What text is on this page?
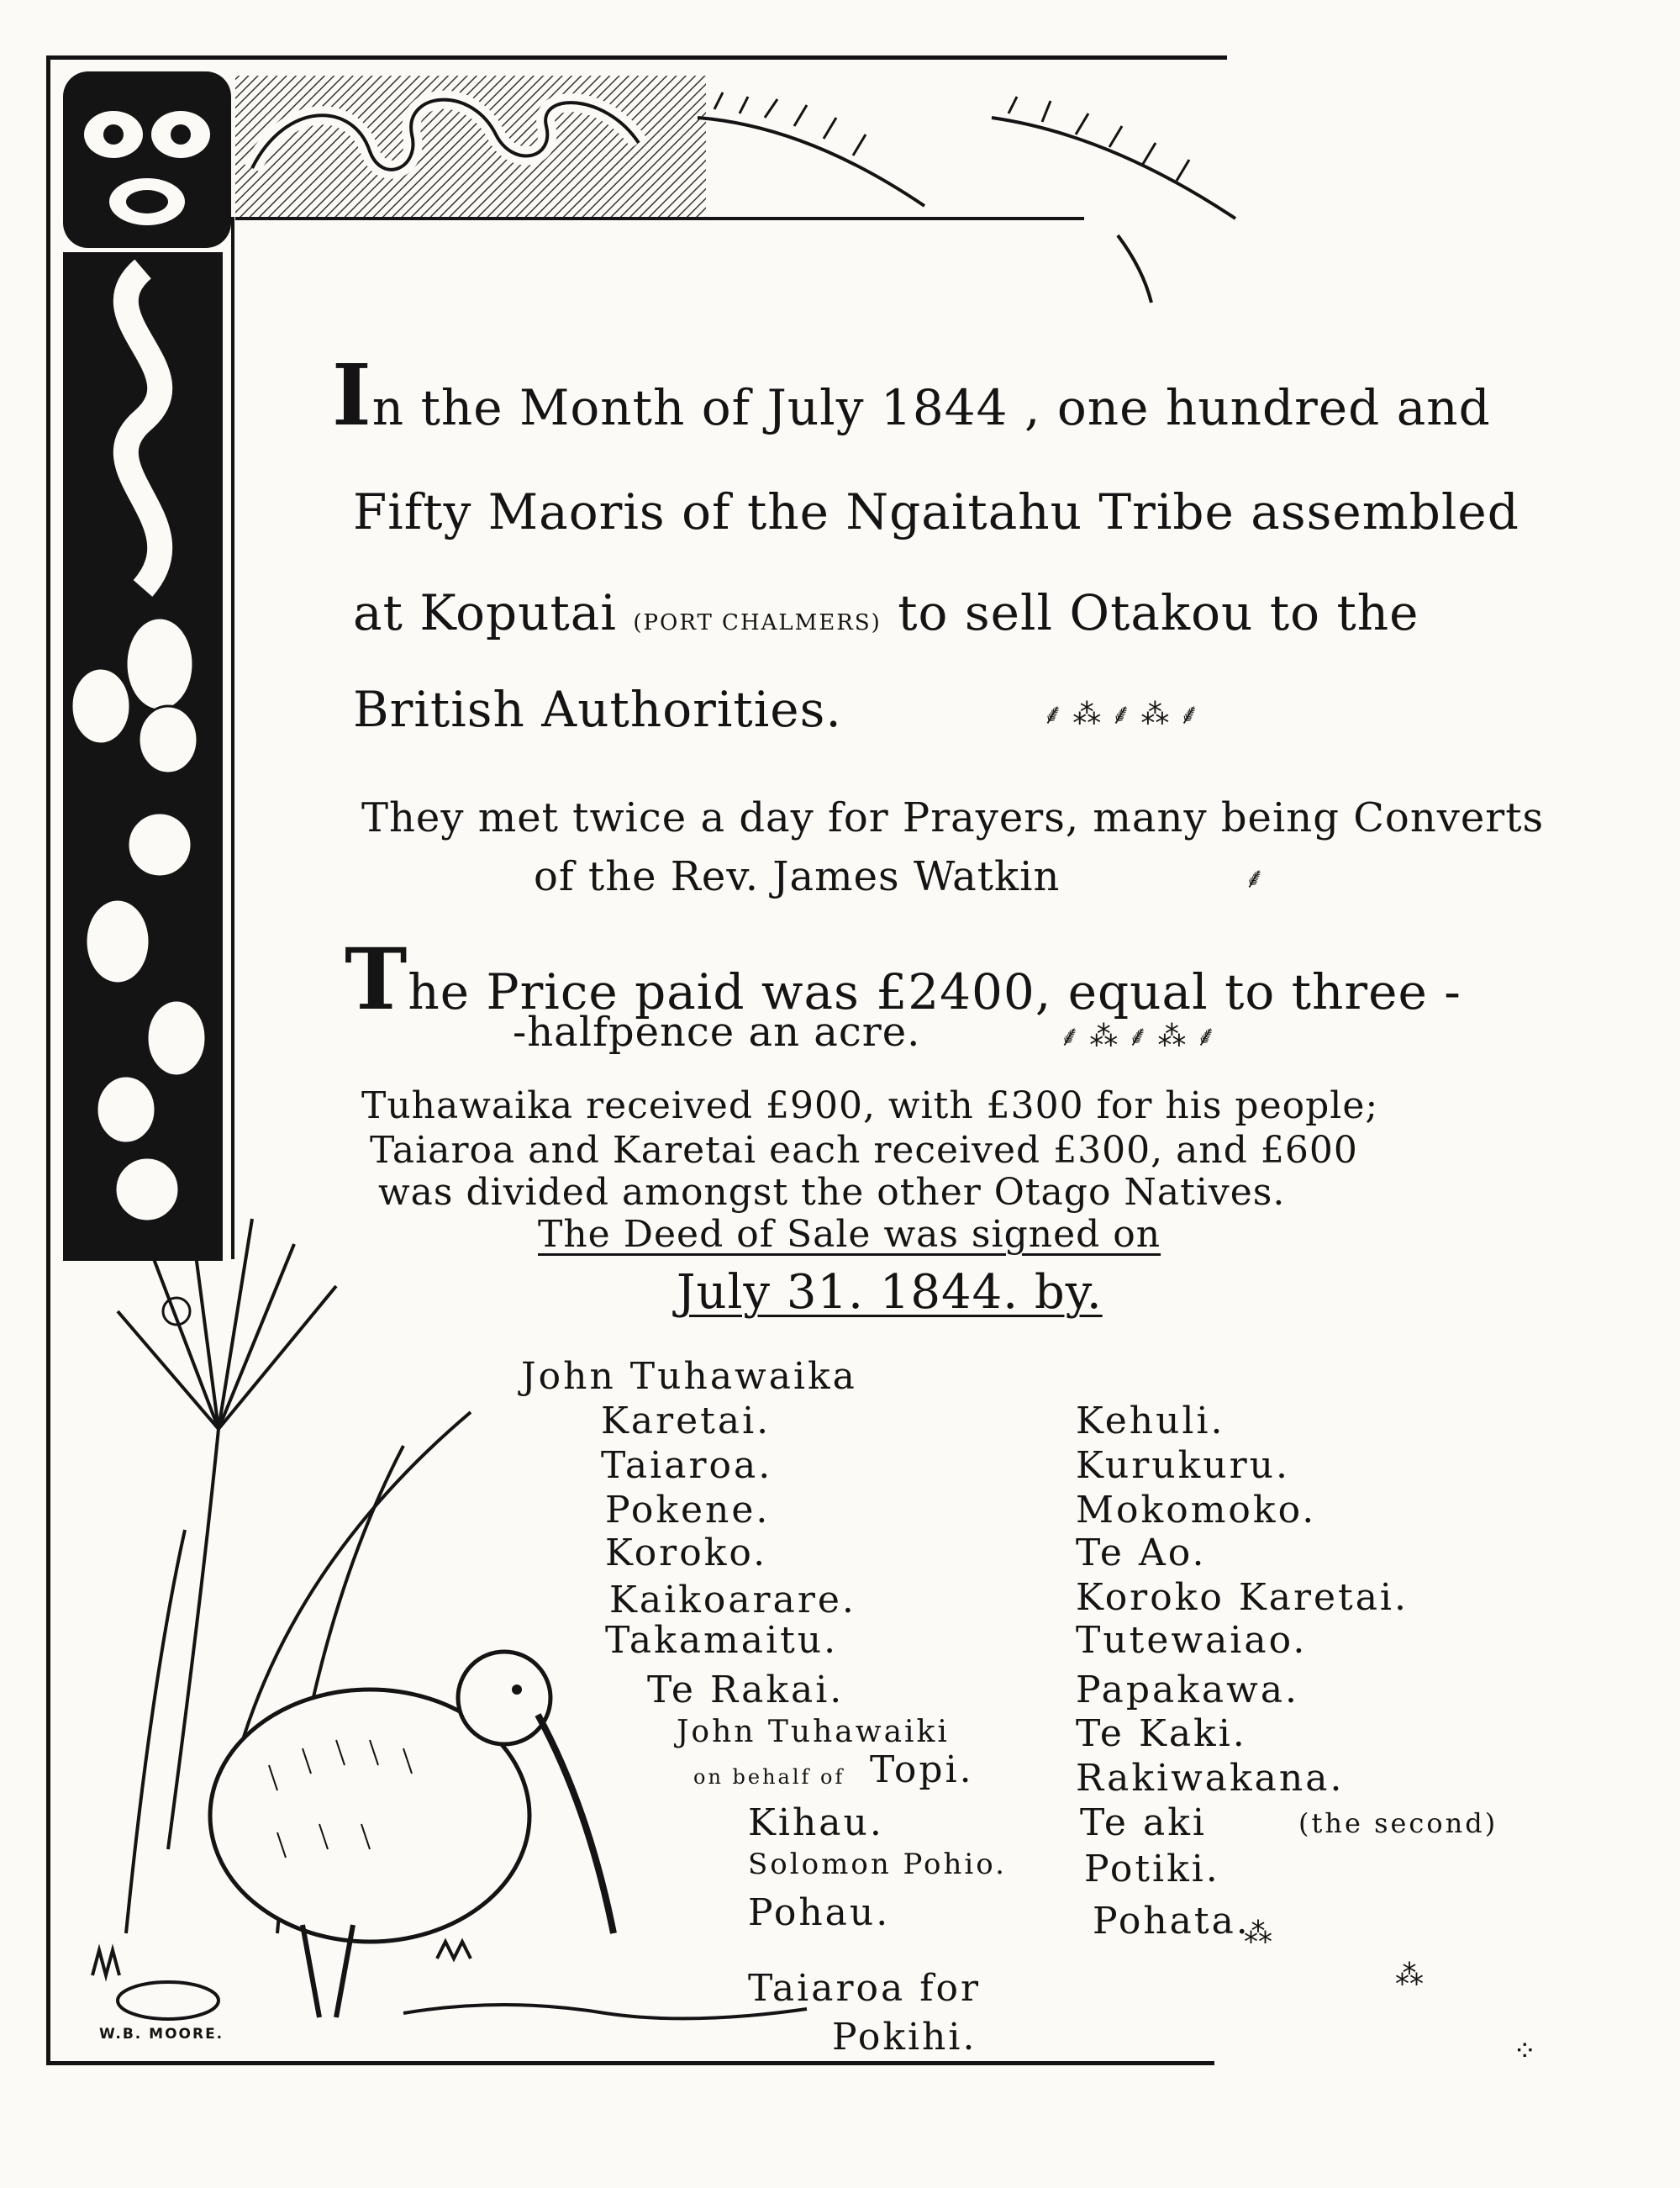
In the Month of July 1844 , one hundred and
Fifty Maoris of the Ngaitahu Tribe assembled
at Koputai (PORT CHALMERS) to sell Otakou to the
British Authorities.	⸙ ⁂ ⸙ ⁂ ⸙
They met twice a day for Prayers, many being Converts
of the Rev. James Watkin	⸙
The Price paid was £2400, equal to three -
-halfpence an acre.	⸙ ⁂ ⸙ ⁂ ⸙
Tuhawaika received £900, with £300 for his people;
Taiaroa and Karetai each received £300, and £600
was divided amongst the other Otago Natives.
The Deed of Sale was signed on
July 31. 1844. by.
John Tuhawaika
Karetai.
Taiaroa.
Pokene.
Koroko.
Kaikoarare.
Takamaitu.
Te Rakai.
John Tuhawaiki
on behalf of Topi.
Kihau.
Solomon Pohio.
Pohau.
Taiaroa for
Pokihi.
Kehuli.
Kurukuru.
Mokomoko.
Te Ao.
Koroko Karetai.
Tutewaiao.
Papakawa.
Te Kaki.
Rakiwakana.
Te aki	(the second)
Potiki.
Pohata.
⁂
⁂
⁘
W.B. MOORE.
